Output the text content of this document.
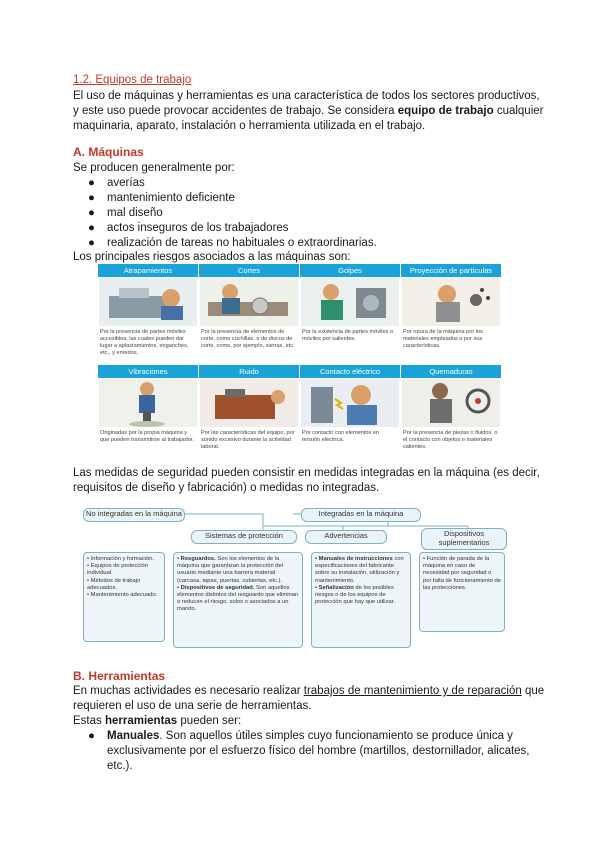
1.2. Equipos de trabajo
El uso de máquinas y herramientas es una característica de todos los sectores productivos,
y este uso puede provocar accidentes de trabajo. Se considera equipo de trabajo cualquier
maquinaria, aparato, instalación o herramienta utilizada en el trabajo.
A. Máquinas
Se producen generalmente por:
● averías
● mantenimiento deficiente
● mal diseño
● actos inseguros de los trabajadores
● realización de tareas no habituales o extraordinarias.
Los principales riesgos asociados a las máquinas son:
Atrapamientos
Por la presencia de partes móviles accesibles, las cuales pueden dar lugar a aplastamientos, enganches, etc., y enredos.
Cortes
Por la presencia de elementos de corte, como cuchillas, o de discos de corte, como, por ejemplo, sierras, etc.
Golpes
Por la existencia de partes móviles o móviles por salientes.
Proyección de partículas
Por rotura de la máquina por los materiales empleados o por sus características.
Vibraciones
Originadas por la propia máquina y que pueden transmitirse al trabajador.
Ruido
Por las características del equipo, por sonido excesivo durante la actividad laboral.
Contacto eléctrico
Por contacto con elementos en tensión eléctrica.
Quemaduras
Por la presencia de piezas o fluidos, o el contacto con objetos o materiales calientes.
Las medidas de seguridad pueden consistir en medidas integradas en la máquina (es decir,
requisitos de diseño y fabricación) o medidas no integradas.
No integradas en la máquina	Integradas en la máquina
Sistemas de protección	Advertencias	Dispositivos suplementarios
• Información y formación.
• Equipos de protección individual.
• Métodos de trabajo adecuados.
• Mantenimiento adecuado.
• Resguardos. Son los elementos de la máquina que garantizan la protección del usuario mediante una barrera material (carcasa, tapas, puertas, cubiertas, etc.).
• Dispositivos de seguridad. Son aquellos elementos distintos del resguardo que eliminan o reducen el riesgo, solos o asociados a un mando.
• Manuales de instrucciones con especificaciones del fabricante sobre su instalación, utilización y mantenimiento.
• Señalización de los posibles riesgos o de los equipos de protección que hay que utilizar.
• Función de parada de la máquina en caso de necesidad por seguridad o por falta de funcionamiento de las protecciones.
B. Herramientas
En muchas actividades es necesario realizar trabajos de mantenimiento y de reparación que
requieren el uso de una serie de herramientas.
Estas herramientas pueden ser:
● Manuales. Son aquellos útiles simples cuyo funcionamiento se produce única y
exclusivamente por el esfuerzo físico del hombre (martillos, destornillador, alicates,
etc.).
